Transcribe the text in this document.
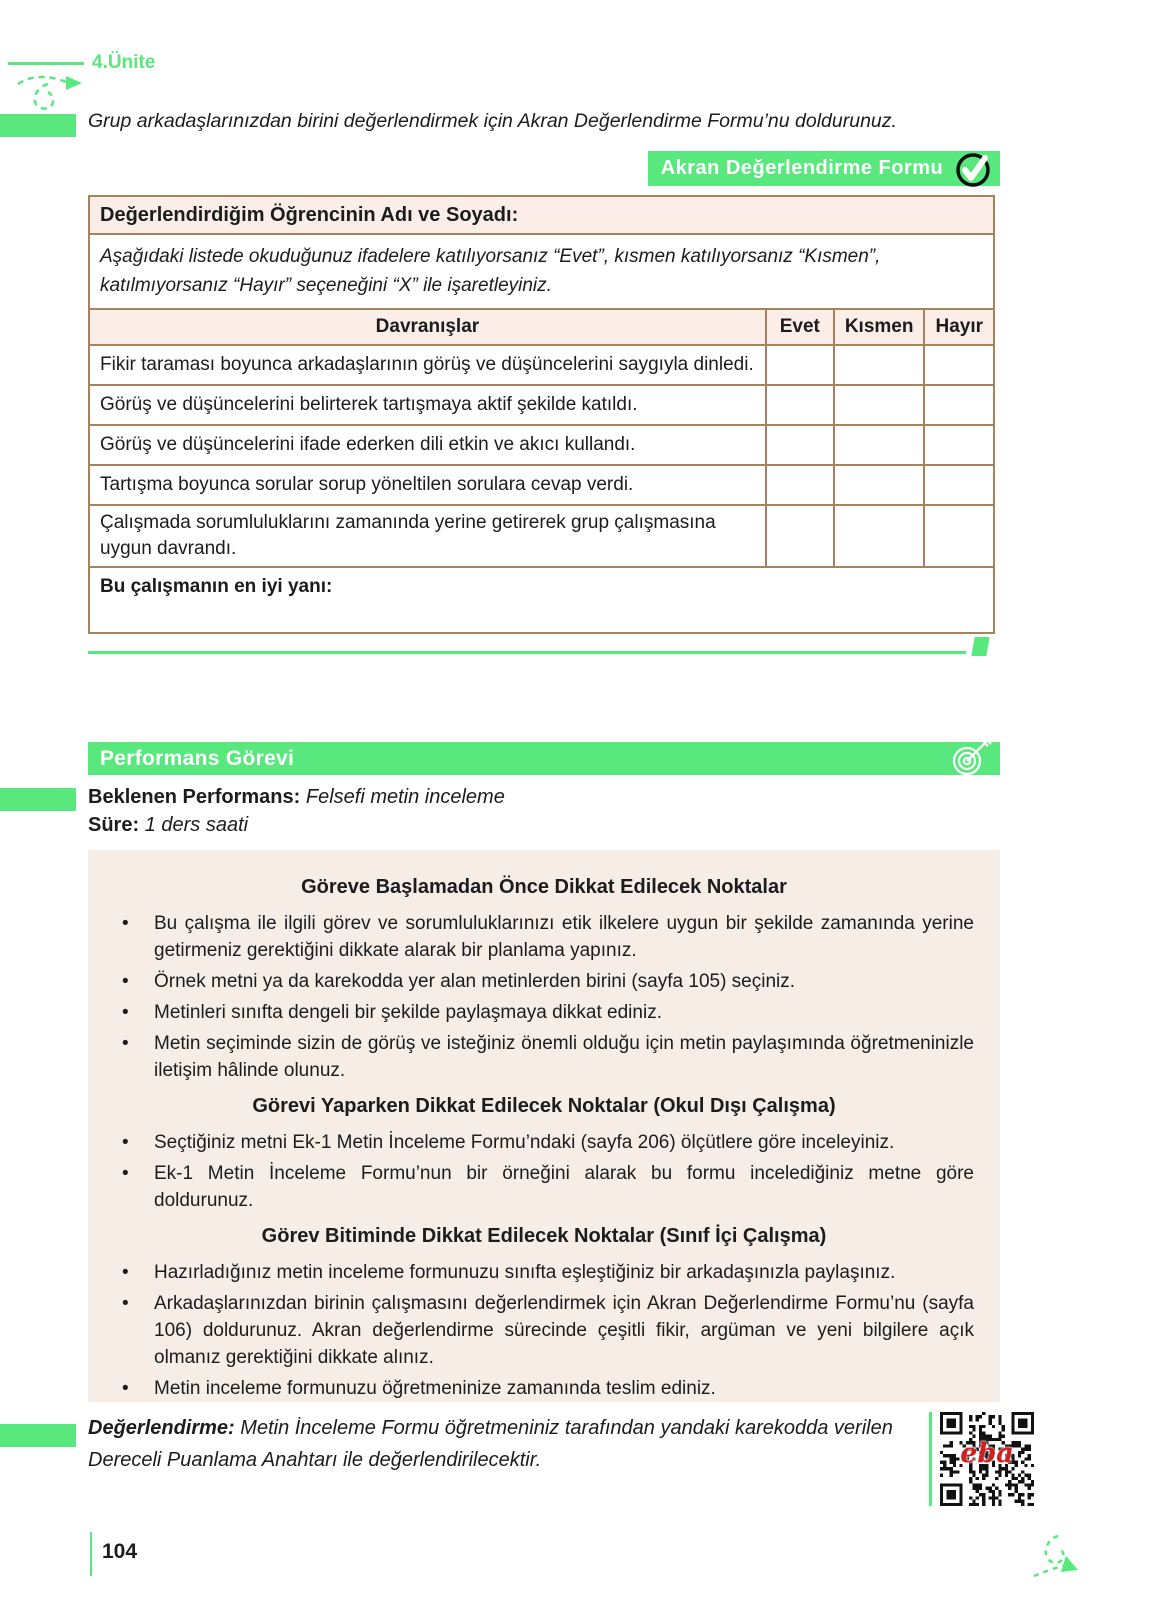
4.Ünite
Grup arkadaşlarınızdan birini değerlendirmek için Akran Değerlendirme Formu’nu doldurunuz.
Akran Değerlendirme Formu
Değerlendirdiğim Öğrencinin Adı ve Soyadı:			
Aşağıdaki listede okuduğunuz ifadelere katılıyorsanız “Evet”, kısmen katılıyorsanız “Kısmen”, katılmıyorsanız “Hayır” seçeneğini “X” ile işaretleyiniz.			
Davranışlar	Evet	Kısmen	Hayır
Fikir taraması boyunca arkadaşlarının görüş ve düşüncelerini saygıyla dinledi.			
Görüş ve düşüncelerini belirterek tartışmaya aktif şekilde katıldı.			
Görüş ve düşüncelerini ifade ederken dili etkin ve akıcı kullandı.			
Tartışma boyunca sorular sorup yöneltilen sorulara cevap verdi.			
Çalışmada sorumluluklarını zamanında yerine getirerek grup çalışmasına uygun davrandı.			
Bu çalışmanın en iyi yanı:			
Performans Görevi
Beklenen Performans: Felsefi metin inceleme
Süre: 1 ders saati
Göreve Başlamadan Önce Dikkat Edilecek Noktalar
• Bu çalışma ile ilgili görev ve sorumluluklarınızı etik ilkelere uygun bir şekilde zamanında yerine getirmeniz gerektiğini dikkate alarak bir planlama yapınız.
• Örnek metni ya da karekodda yer alan metinlerden birini (sayfa 105) seçiniz.
• Metinleri sınıfta dengeli bir şekilde paylaşmaya dikkat ediniz.
• Metin seçiminde sizin de görüş ve isteğiniz önemli olduğu için metin paylaşımında öğretmeninizle iletişim hâlinde olunuz.
Görevi Yaparken Dikkat Edilecek Noktalar (Okul Dışı Çalışma)
• Seçtiğiniz metni Ek-1 Metin İnceleme Formu’ndaki (sayfa 206) ölçütlere göre inceleyiniz.
• Ek-1 Metin İnceleme Formu’nun bir örneğini alarak bu formu incelediğiniz metne göre doldurunuz.
Görev Bitiminde Dikkat Edilecek Noktalar (Sınıf İçi Çalışma)
• Hazırladığınız metin inceleme formunuzu sınıfta eşleştiğiniz bir arkadaşınızla paylaşınız.
• Arkadaşlarınızdan birinin çalışmasını değerlendirmek için Akran Değerlendirme Formu’nu (sayfa 106) doldurunuz. Akran değerlendirme sürecinde çeşitli fikir, argüman ve yeni bilgilere açık olmanız gerektiğini dikkate alınız.
• Metin inceleme formunuzu öğretmeninize zamanında teslim ediniz.
Değerlendirme: Metin İnceleme Formu öğretmeniniz tarafından yandaki karekodda verilen Dereceli Puanlama Anahtarı ile değerlendirilecektir.	eba
104
